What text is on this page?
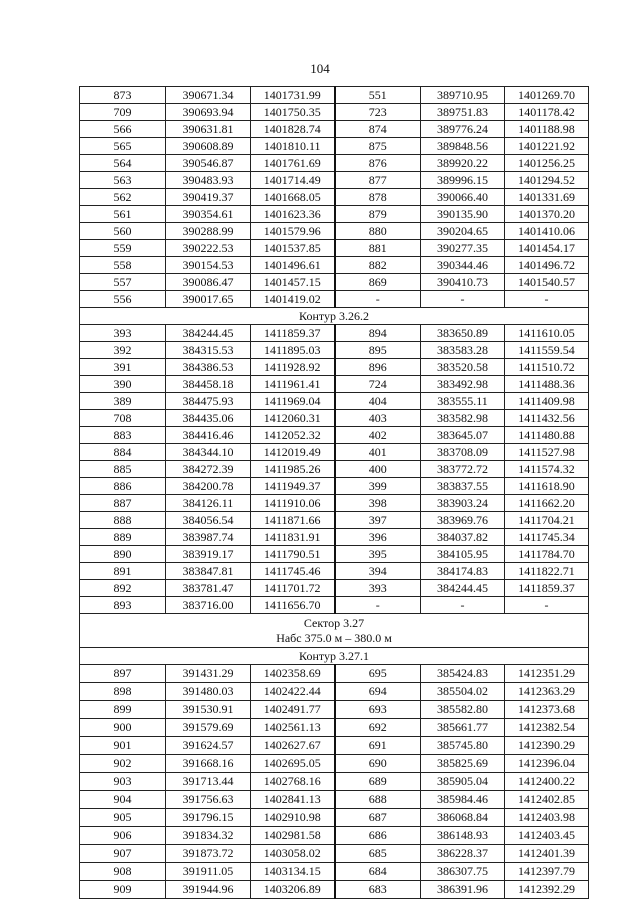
104
873	390671.34	1401731.99	551	389710.95	1401269.70
709	390693.94	1401750.35	723	389751.83	1401178.42
566	390631.81	1401828.74	874	389776.24	1401188.98
565	390608.89	1401810.11	875	389848.56	1401221.92
564	390546.87	1401761.69	876	389920.22	1401256.25
563	390483.93	1401714.49	877	389996.15	1401294.52
562	390419.37	1401668.05	878	390066.40	1401331.69
561	390354.61	1401623.36	879	390135.90	1401370.20
560	390288.99	1401579.96	880	390204.65	1401410.06
559	390222.53	1401537.85	881	390277.35	1401454.17
558	390154.53	1401496.61	882	390344.46	1401496.72
557	390086.47	1401457.15	869	390410.73	1401540.57
556	390017.65	1401419.02	-	-	-

Контур 3.26.2					

393	384244.45	1411859.37	894	383650.89	1411610.05
392	384315.53	1411895.03	895	383583.28	1411559.54
391	384386.53	1411928.92	896	383520.58	1411510.72
390	384458.18	1411961.41	724	383492.98	1411488.36
389	384475.93	1411969.04	404	383555.11	1411409.98
708	384435.06	1412060.31	403	383582.98	1411432.56
883	384416.46	1412052.32	402	383645.07	1411480.88
884	384344.10	1412019.49	401	383708.09	1411527.98
885	384272.39	1411985.26	400	383772.72	1411574.32
886	384200.78	1411949.37	399	383837.55	1411618.90
887	384126.11	1411910.06	398	383903.24	1411662.20
888	384056.54	1411871.66	397	383969.76	1411704.21
889	383987.74	1411831.91	396	384037.82	1411745.34
890	383919.17	1411790.51	395	384105.95	1411784.70
891	383847.81	1411745.46	394	384174.83	1411822.71
892	383781.47	1411701.72	393	384244.45	1411859.37
893	383716.00	1411656.70	-	-	-

Сектор 3.27
Набс 375.0 м – 380.0 м					

Контур 3.27.1					

897	391431.29	1402358.69	695	385424.83	1412351.29
898	391480.03	1402422.44	694	385504.02	1412363.29
899	391530.91	1402491.77	693	385582.80	1412373.68
900	391579.69	1402561.13	692	385661.77	1412382.54
901	391624.57	1402627.67	691	385745.80	1412390.29
902	391668.16	1402695.05	690	385825.69	1412396.04
903	391713.44	1402768.16	689	385905.04	1412400.22
904	391756.63	1402841.13	688	385984.46	1412402.85
905	391796.15	1402910.98	687	386068.84	1412403.98
906	391834.32	1402981.58	686	386148.93	1412403.45
907	391873.72	1403058.02	685	386228.37	1412401.39
908	391911.05	1403134.15	684	386307.75	1412397.79
909	391944.96	1403206.89	683	386391.96	1412392.29
